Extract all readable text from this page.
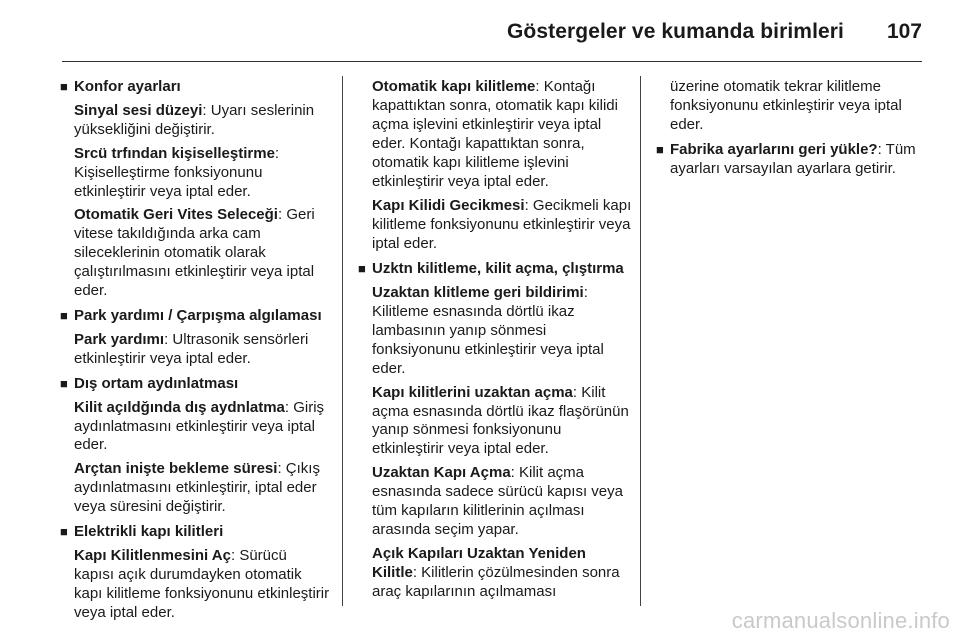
Göstergeler ve kumanda birimleri 107
■ Konfor ayarları
Sinyal sesi düzeyi: Uyarı seslerinin yüksekliğini değiştirir.
Srcü trfından kişiselleştirme: Kişiselleştirme fonksiyonunu etkinleştirir veya iptal eder.
Otomatik Geri Vites Seleceği: Geri vitese takıldığında arka cam sileceklerinin otomatik olarak çalıştırılmasını etkinleştirir veya iptal eder.
■ Park yardımı / Çarpışma algılaması
Park yardımı: Ultrasonik sensörleri etkinleştirir veya iptal eder.
■ Dış ortam aydınlatması
Kilit açıldğında dış aydnlatma: Giriş aydınlatmasını etkinleştirir veya iptal eder.
Arçtan inişte bekleme süresi: Çıkış aydınlatmasını etkinleştirir, iptal eder veya süresini değiştirir.
■ Elektrikli kapı kilitleri
Kapı Kilitlenmesini Aç: Sürücü kapısı açık durumdayken otomatik kapı kilitleme fonksiyonunu etkinleştirir veya iptal eder.
Otomatik kapı kilitleme: Kontağı kapattıktan sonra, otomatik kapı kilidi açma işlevini etkinleştirir veya iptal eder. Kontağı kapattıktan sonra, otomatik kapı kilitleme işlevini etkinleştirir veya iptal eder.
Kapı Kilidi Gecikmesi: Gecikmeli kapı kilitleme fonksiyonunu etkinleştirir veya iptal eder.
■ Uzktn kilitleme, kilit açma, çlıştırma
Uzaktan klitleme geri bildirimi: Kilitleme esnasında dörtlü ikaz lambasının yanıp sönmesi fonksiyonunu etkinleştirir veya iptal eder.
Kapı kilitlerini uzaktan açma: Kilit açma esnasında dörtlü ikaz flaşörünün yanıp sönmesi fonksiyonunu etkinleştirir veya iptal eder.
Uzaktan Kapı Açma: Kilit açma esnasında sadece sürücü kapısı veya tüm kapıların kilitlerinin açılması arasında seçim yapar.
Açık Kapıları Uzaktan Yeniden Kilitle: Kilitlerin çözülmesinden sonra araç kapılarının açılmaması
üzerine otomatik tekrar kilitleme fonksiyonunu etkinleştirir veya iptal eder.
■ Fabrika ayarlarını geri yükle?: Tüm ayarları varsayılan ayarlara getirir.
carmanualsonline.info
